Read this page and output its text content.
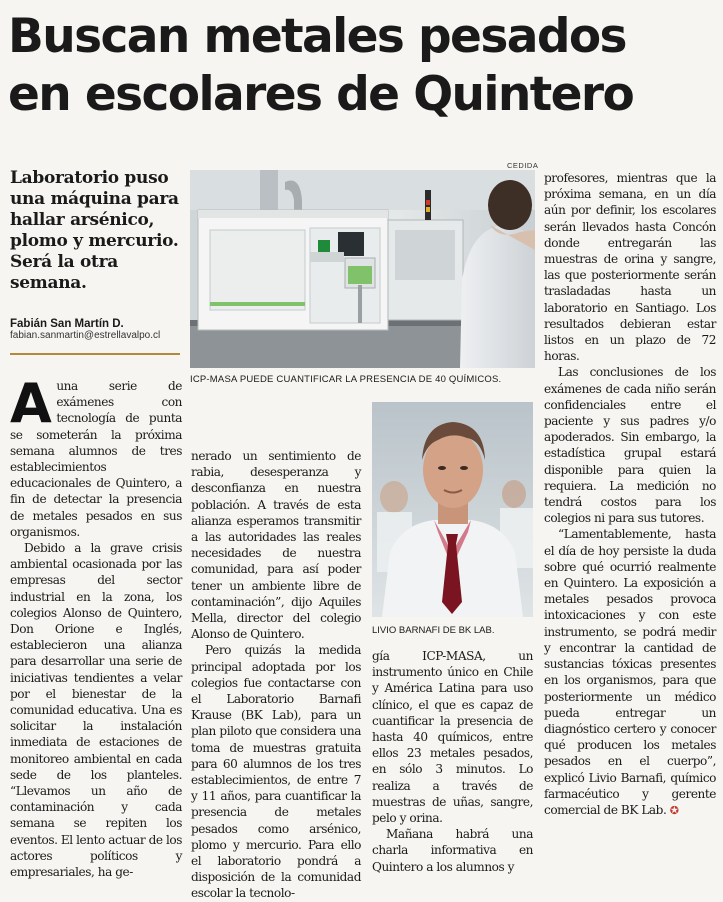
Buscan metales pesados
en escolares de Quintero
Laboratorio puso una máquina para hallar arsénico, plomo y mercurio. Será la otra semana.
Fabián San Martín D.
fabian.sanmartin@estrellavalpo.cl
CEDIDA
ICP-MASA PUEDE CUANTIFICAR LA PRESENCIA DE 40 QUÍMICOS.
LIVIO BARNAFI DE BK LAB.

A una serie de exámenes con tecnología de punta se someterán la próxima semana alumnos de tres establecimientos educacionales de Quintero, a fin de detectar la presencia de metales pesados en sus organismos.

Debido a la grave crisis ambiental ocasionada por las empresas del sector industrial en la zona, los colegios Alonso de Quintero, Don Orione e Inglés, establecieron una alianza para desarrollar una serie de iniciativas tendientes a velar por el bienestar de la comunidad educativa. Una es solicitar la instalación inmediata de estaciones de monitoreo ambiental en cada sede de los planteles. “Llevamos un año de contaminación y cada semana se repiten los eventos. El lento actuar de los actores políticos y empresariales, ha ge-

nerado un sentimiento de rabia, desesperanza y desconfianza en nuestra población. A través de esta alianza esperamos transmitir a las autoridades las reales necesidades de nuestra comunidad, para así poder tener un ambiente libre de contaminación”, dijo Aquiles Mella, director del colegio Alonso de Quintero.

Pero quizás la medida principal adoptada por los colegios fue contactarse con el Laboratorio Barnafi Krause (BK Lab), para un plan piloto que considera una toma de muestras gratuita para 60 alumnos de los tres establecimientos, de entre 7 y 11 años, para cuantificar la presencia de metales pesados como arsénico, plomo y mercurio. Para ello el laboratorio pondrá a disposición de la comunidad escolar la tecnolo-

gía ICP-MASA, un instrumento único en Chile y América Latina para uso clínico, el que es capaz de cuantificar la presencia de hasta 40 químicos, entre ellos 23 metales pesados, en sólo 3 minutos. Lo realiza a través de muestras de uñas, sangre, pelo y orina.

Mañana habrá una charla informativa en Quintero a los alumnos y

profesores, mientras que la próxima semana, en un día aún por definir, los escolares serán llevados hasta Concón donde entregarán las muestras de orina y sangre, las que posteriormente serán trasladadas hasta un laboratorio en Santiago. Los resultados debieran estar listos en un plazo de 72 horas.

Las conclusiones de los exámenes de cada niño serán confidenciales entre el paciente y sus padres y/o apoderados. Sin embargo, la estadística grupal estará disponible para quien la requiera. La medición no tendrá costos para los colegios ni para sus tutores.

“Lamentablemente, hasta el día de hoy persiste la duda sobre qué ocurrió realmente en Quintero. La exposición a metales pesados provoca intoxicaciones y con este instrumento, se podrá medir y encontrar la cantidad de sustancias tóxicas presentes en los organismos, para que posteriormente un médico pueda entregar un diagnóstico certero y conocer qué producen los metales pesados en el cuerpo”, explicó Livio Barnafi, químico farmacéutico y gerente comercial de BK Lab. ✪
